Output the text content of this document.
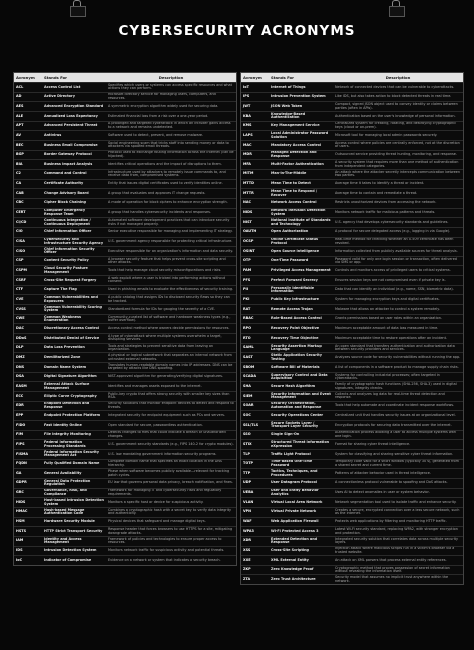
CYBERSECURITY ACRONYMS
Acronym	Stands For	Description
ACL	Access Control List	Specifies which users or systems can access specific resources and what actions they can perform.
AD	Active Directory	Microsoft directory service for managing users, computers, and resources.
AES	Advanced Encryption Standard	A symmetric encryption algorithm widely used for securing data.
ALE	Annualized Loss Expectancy	Estimated financial loss from a risk over a one-year period.
APT	Advanced Persistent Threat	A prolonged and targeted cyberattack in which an intruder gains access to a network and remains undetected.
AV	Antivirus	Software used to detect, prevent, and remove malware.
BEC	Business Email Compromise	Social engineering scam that tricks staff into sending money or data to attackers via spoofed email threads.
BGP	Border Gateway Protocol	Protocol used to exchange routing information across the internet (can be hijacked).
BIA	Business Impact Analysis	Identifies critical operations and the impact of disruptions to them.
C2	Command and Control	Infrastructure used by attackers to remotely issue commands to, and receive data from, compromised systems.
CA	Certificate Authority	Entity that issues digital certificates used to verify identities online.
CAB	Change Advisory Board	A group that evaluates and approves IT change requests.
CBC	Cipher Block Chaining	A mode of operation for block ciphers to enhance encryption strength.
CERT	Computer Emergency Response Team	A group that handles cybersecurity incidents and responses.
CI/CD	Continuous Integration / Continuous Deployment	Automated software development practices that can introduce security risks if not managed properly.
CIO	Chief Information Officer	Senior executive responsible for managing and implementing IT strategy.
CISA	Cybersecurity and Infrastructure Security Agency	U.S. government agency responsible for protecting critical infrastructure.
CISO	Chief Information Security Officer	Executive responsible for an organization's information and data security.
CSP	Content Security Policy	A browser security feature that helps prevent cross-site scripting and other attacks.
CSPM	Cloud Security Posture Management	Tools that help manage cloud security misconfigurations and risks.
CSRF	Cross-Site Request Forgery	A web exploit where a user is tricked into performing actions without consent.
CTF	Capture The Flag	Used in phishing emails to evaluate the effectiveness of security training.
CVE	Common Vulnerabilities and Exposures	A public catalog that assigns IDs to disclosed security flaws so they can be tracked.
CVSS	Common Vulnerability Scoring System	Standardized formula for IDs for gauging the severity of a CVE.
CWE	Common Weakness Enumeration	Community-curated list of software and hardware weakness types (e.g., buffer overflow).
DAC	Discretionary Access Control	Access control method where owners decide permissions for resources.
DDoS	Distributed Denial of Service	A type of cyberattack where multiple systems overwhelm a target, disrupting services.
DLP	Data Loss Prevention	Tools and strategies to prevent sensitive data from leaving an organization.
DMZ	Demilitarized Zone	A physical or logical subnetwork that separates an internal network from untrusted external networks.
DNS	Domain Name System	Translates human-readable domain names into IP addresses. DNS can be targeted by attacks like DNS spoofing.
DSA	Digital Signature Algorithm	NIST-approved algorithm for generating/verifying digital signatures.
EASM	External Attack Surface Management	Identifies and manages assets exposed to the internet.
ECC	Elliptic Curve Cryptography	Public-key crypto that offers strong security with smaller key sizes than RSA.
EDR	Endpoint Detection and Response	Security solutions that monitor endpoint devices to detect and respond to threats.
EPP	Endpoint Protection Platform	Integrated security for endpoint equipment such as PCs and servers.
FIDO	Fast Identity Online	Open standard for secure, passwordless authentication.
FIM	File Integrity Monitoring	Detects changes to files that could indicate a breach or unauthorized changes.
FIPS	Federal Information Processing Standards	U.S. government security standards (e.g., FIPS 140-2 for crypto modules).
FISMA	Federal Information Security Management Act	U.S. law mandating government information security programs.
FQDN	Fully Qualified Domain Name	Complete domain name that specifies an exact location in the DNS hierarchy.
GA	General Availability	Phase when software becomes publicly available—relevant for tracking patch cycles.
GDPR	General Data Protection Regulation	EU law that governs personal data privacy, breach notification, and fines.
GRC	Governance, Risk, and Compliance	Framework for managing IT and cybersecurity risks and regulatory requirements.
HIDS	Host-based Intrusion Detection System	Monitors a specific host or device for suspicious activity.
HMAC	Hash-based Message Authentication Code	Combines a cryptographic hash with a secret key to verify data integrity and authenticity.
HSM	Hardware Security Module	Physical devices that safeguard and manage digital keys.
HSTS	HTTP Strict Transport Security	Response header that forces browsers to use HTTPS for a site, mitigating downgrade attacks.
IAM	Identity and Access Management	Framework of policies and technologies to ensure proper access to resources.
IDS	Intrusion Detection System	Monitors network traffic for suspicious activity and potential threats.
IoC	Indicator of Compromise	Evidence on a network or system that indicates a security breach.
Acronym	Stands For	Description
IoT	Internet of Things	Network of connected devices that can be vulnerable to cyberattacks.
IPS	Intrusion Prevention System	Like IDS, but also takes action to block detected threats in real time.
JWT	JSON Web Token	Compact, signed JSON object used to convey identity or claims between parties (often in APIs).
KBA	Knowledge-Based Authentication	Authentication based on the user's knowledge of personal information.
KMS	Key Management Service	Centralized system for creating, rotating, and destroying cryptographic keys (cloud or on-prem).
LAPS	Local Administrator Password Solution	Microsoft tool for managing local admin passwords securely.
MAC	Mandatory Access Control	Access control where policies are centrally enforced, not at the discretion of users.
MDR	Managed Detection and Response	Outsourced service providing threat hunting, monitoring, and response.
MFA	Multi-Factor Authentication	A security system that requires more than one method of authentication from independent categories.
MITM	Man-in-The-Middle	An attack where the attacker secretly intercepts communication between two parties.
MTTD	Mean Time to Detect	Average time it takes to identify a threat or incident.
MTTR	Mean Time to Respond / Recover	Average time to contain and remediate a threat.
NAC	Network Access Control	Restricts unauthorized devices from accessing the network.
NIDS	Network Intrusion Detection System	Monitors network traffic for malicious patterns and threats.
NIST	National Institute of Standards and Technology	U.S. agency that develops cybersecurity standards and guidelines.
OAUTH	Open Authorization	A protocol for secure delegated access (e.g., logging in via Google).
OCSP	Online Certificate Status Protocol	Real-time method for checking whether an X.509 certificate has been revoked.
OSINT	Open Source Intelligence	Information collected from publicly available sources for threat analysis.
OTP	One-Time Password	Password valid for only one login session or transaction, often delivered via SMS or app.
PAM	Privileged Access Management	Controls and monitors access of privileged users to critical systems.
PFS	Perfect Forward Secrecy	Ensures session keys are not compromised even if private key is.
PII	Personally Identifiable Information	Data that can identify an individual (e.g., name, SSN, biometric data).
PKI	Public Key Infrastructure	System for managing encryption keys and digital certificates.
RAT	Remote Access Trojan	Malware that allows an attacker to control a system remotely.
RBAC	Role-Based Access Control	Grants permissions based on user roles within an organization.
RPO	Recovery Point Objective	Maximum acceptable amount of data loss measured in time.
RTO	Recovery Time Objective	Maximum acceptable time to restore operations after an incident.
SAML	Security Assertion Markup Language	An open standard that transfers authentication and authorization data between security providers and services.
SAST	Static Application Security Testing	Analyzes source code for security vulnerabilities without running the app.
SBOM	Software Bill of Materials	A list of components in a software product to manage supply chain risks.
SCADA	Supervisory Control and Data Acquisition	Systems for controlling industrial processes; often targeted in cyberattacks.
SHA	Secure Hash Algorithm	Family of cryptographic hash functions (SHA-256, SHA-3) used in digital signatures, integrity checks.
SIEM	Security Information and Event Management	Collects and analyzes log data for real-time threat detection and response.
SOAR	Security Orchestration, Automation and Response	Tools that help automate and coordinate incident response workflows.
SOC	Security Operations Center	Centralized unit that handles security issues at an organizational level.
SSL/TLS	Secure Sockets Layer / Transport Layer Security	Encryption protocols for securing data transmitted over the internet.
SSO	Single Sign-On	Authentication process allowing a user to access multiple systems with one login.
STIX	Structured Threat Information eXpression	Format for sharing cyber threat intelligence.
TLP	Traffic Light Protocol	System for classifying and sharing sensitive cyber threat information.
TOTP	Time-based One-Time Password	Temporary code valid for a short window (typically 30 s), generated from a shared secret and current time.
TTP	Tactics, Techniques, and Procedures	Patterns of attacker behavior used in threat intelligence.
UDP	User Datagram Protocol	A connectionless protocol vulnerable to spoofing and DoS attacks.
UEBA	User and Entity Behavior Analytics	Uses AI to detect anomalies in user or system behavior.
VLAN	Virtual Local Area Network	Network segmentation tool used to isolate traffic and enhance security.
VPN	Virtual Private Network	Creates a secure, encrypted connection over a less secure network, such as the internet.
WAF	Web Application Firewall	Protects web applications by filtering and monitoring HTTP traffic.
WPA3	Wi-Fi Protected Access 3	Latest Wi-Fi security standard, replacing WPA2, with stronger encryption and protection.
XDR	Extended Detection and Response	Integrated security solution that correlates data across multiple security layers.
XSS	Cross-Site Scripting	Injection attack where malicious scripts run in a victim's browser via a trusted website.
XXE	XML External Entity	An attack on XML parsers that process external entity references.
ZKP	Zero Knowledge Proof	Cryptographic method that proves possession of secret information without revealing the information itself.
ZTA	Zero Trust Architecture	Security model that assumes no implicit trust anywhere within the network.
